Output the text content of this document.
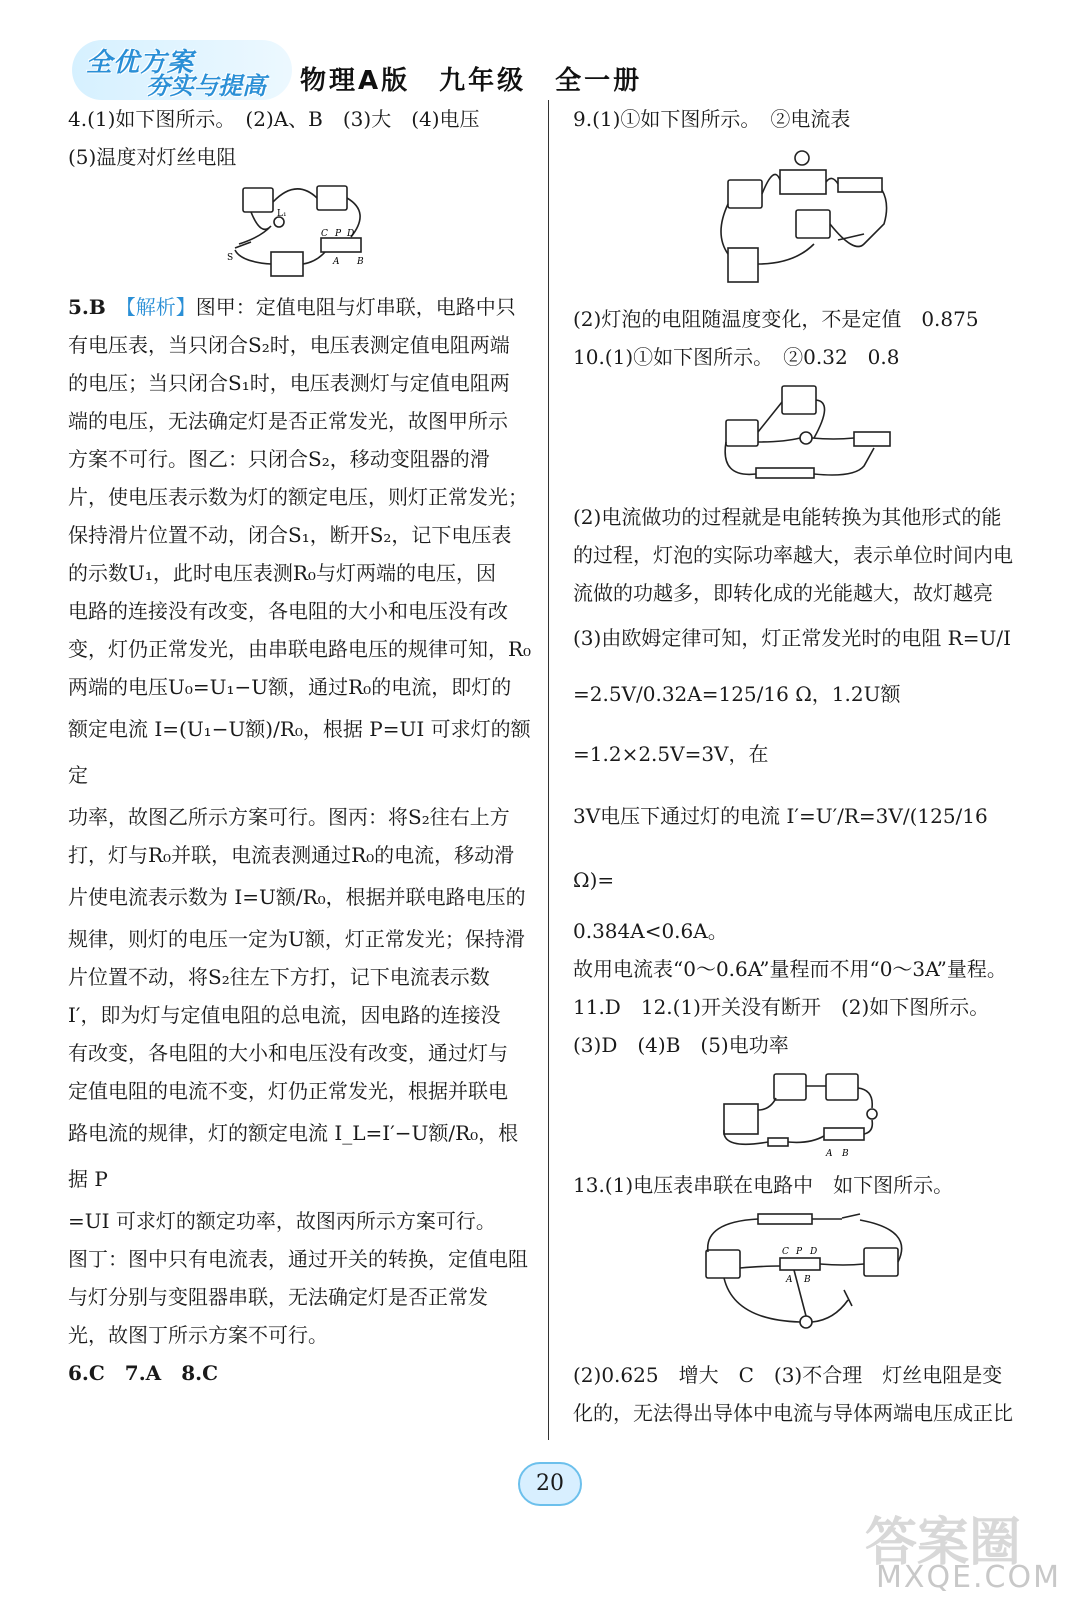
全优方案
夯实与提高 物理A版　九年级　全一册

4.(1)如下图所示。　(2)A、B　(3)大　(4)电压

(5)温度对灯丝电阻

L₁
C P D
S	A B

5.B　 【解析】图甲：定值电阻与灯串联，电路中只

有电压表，当只闭合S₂时，电压表测定值电阻两端

的电压；当只闭合S₁时，电压表测灯与定值电阻两

端的电压，无法确定灯是否正常发光，故图甲所示

方案不可行。图乙：只闭合S₂，移动变阻器的滑

片，使电压表示数为灯的额定电压，则灯正常发光；

保持滑片位置不动，闭合S₁，断开S₂，记下电压表

的示数U₁，此时电压表测R₀与灯两端的电压，因

电路的连接没有改变，各电阻的大小和电压没有改

变，灯仍正常发光，由串联电路电压的规律可知，R₀

两端的电压U₀=U₁−U额，通过R₀的电流，即灯的

额定电流 I=(U₁−U额)/R₀，根据 P=UI 可求灯的额定

功率，故图乙所示方案可行。图丙：将S₂往右上方

打，灯与R₀并联，电流表测通过R₀的电流，移动滑

片使电流表示数为 I=U额/R₀，根据并联电路电压的

规律，则灯的电压一定为U额，灯正常发光；保持滑

片位置不动，将S₂往左下方打，记下电流表示数

I′，即为灯与定值电阻的总电流，因电路的连接没

有改变，各电阻的大小和电压没有改变，通过灯与

定值电阻的电流不变，灯仍正常发光，根据并联电

路电流的规律，灯的额定电流 I_L=I′−U额/R₀，根据 P

=UI 可求灯的额定功率，故图丙所示方案可行。

图丁：图中只有电流表，通过开关的转换，定值电阻

与灯分别与变阻器串联，无法确定灯是否正常发

光，故图丁所示方案不可行。

6.C　7.A　8.C

9.(1)①如下图所示。　②电流表

(2)灯泡的电阻随温度变化，不是定值　0.875

10.(1)①如下图所示。　②0.32　0.8

(2)电流做功的过程就是电能转换为其他形式的能

的过程，灯泡的实际功率越大，表示单位时间内电

流做的功越多，即转化成的光能越大，故灯越亮

(3)由欧姆定律可知，灯正常发光时的电阻 R=U/I

=2.5V/0.32A=125/16 Ω，1.2U额=1.2×2.5V=3V，在

3V电压下通过灯的电流 I′=U′/R=3V/(125/16 Ω)=

0.384A<0.6A。

故用电流表“0～0.6A”量程而不用“0～3A”量程。

11.D　12.(1)开关没有断开　(2)如下图所示。

(3)D　(4)B　(5)电功率

A B

13.(1)电压表串联在电路中　如下图所示。

C P D
A B

(2)0.625　增大　C　(3)不合理　灯丝电阻是变

化的，无法得出导体中电流与导体两端电压成正比

20
答案圈
MXQE.COM
